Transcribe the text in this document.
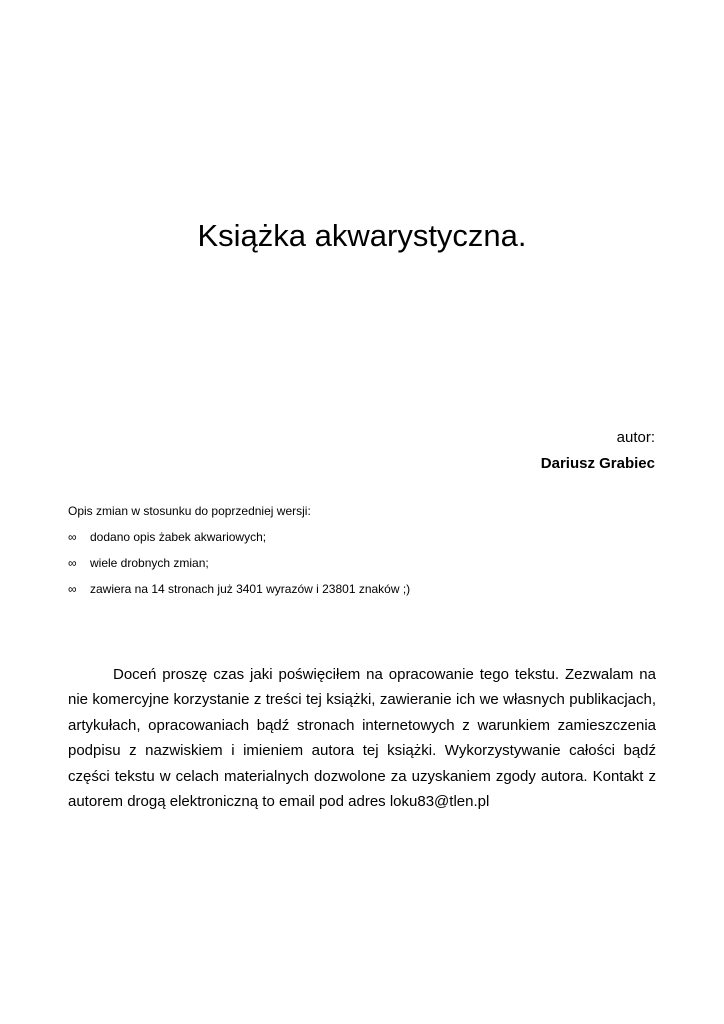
Książka akwarystyczna.
autor:
Dariusz Grabiec

Opis zmian w stosunku do poprzedniej wersji:

∞	dodano opis żabek akwariowych;
∞	wiele drobnych zmian;
∞	zawiera na 14 stronach już 3401 wyrazów i 23801 znaków ;)

Doceń proszę czas jaki poświęciłem na opracowanie tego tekstu. Zezwalam na nie komercyjne korzystanie z treści tej książki, zawieranie ich we własnych publikacjach, artykułach, opracowaniach bądź stronach internetowych z warunkiem zamieszczenia podpisu z nazwiskiem i imieniem autora tej książki. Wykorzystywanie całości bądź części tekstu w celach materialnych dozwolone za uzyskaniem zgody autora. Kontakt z autorem drogą elektroniczną to email pod adres loku83@tlen.pl
